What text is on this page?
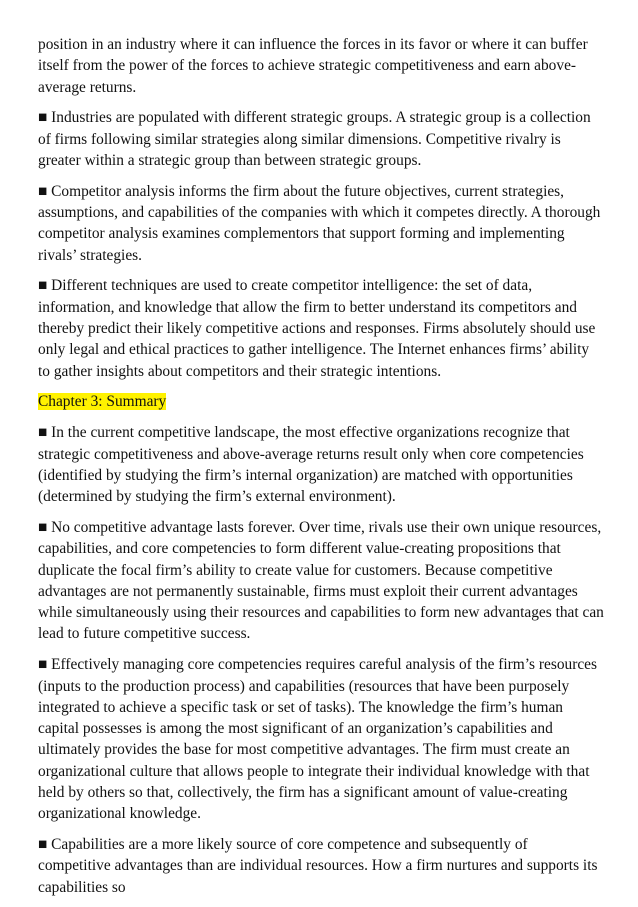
position in an industry where it can influence the forces in its favor or where it can buffer itself from the power of the forces to achieve strategic competitiveness and earn above-average returns.

■ Industries are populated with different strategic groups. A strategic group is a collection of firms following similar strategies along similar dimensions. Competitive rivalry is greater within a strategic group than between strategic groups.

■ Competitor analysis informs the firm about the future objectives, current strategies, assumptions, and capabilities of the companies with which it competes directly. A thorough competitor analysis examines complementors that support forming and implementing rivals’ strategies.

■ Different techniques are used to create competitor intelligence: the set of data, information, and knowledge that allow the firm to better understand its competitors and thereby predict their likely competitive actions and responses. Firms absolutely should use only legal and ethical practices to gather intelligence. The Internet enhances firms’ ability to gather insights about competitors and their strategic intentions.

Chapter 3: Summary

■ In the current competitive landscape, the most effective organizations recognize that strategic competitiveness and above-average returns result only when core competencies (identified by studying the firm’s internal organization) are matched with opportunities (determined by studying the firm’s external environment).

■ No competitive advantage lasts forever. Over time, rivals use their own unique resources, capabilities, and core competencies to form different value-creating propositions that duplicate the focal firm’s ability to create value for customers. Because competitive advantages are not permanently sustainable, firms must exploit their current advantages while simultaneously using their resources and capabilities to form new advantages that can lead to future competitive success.

■ Effectively managing core competencies requires careful analysis of the firm’s resources (inputs to the production process) and capabilities (resources that have been purposely integrated to achieve a specific task or set of tasks). The knowledge the firm’s human capital possesses is among the most significant of an organization’s capabilities and ultimately provides the base for most competitive advantages. The firm must create an organizational culture that allows people to integrate their individual knowledge with that held by others so that, collectively, the firm has a significant amount of value-creating organizational knowledge.

■ Capabilities are a more likely source of core competence and subsequently of competitive advantages than are individual resources. How a firm nurtures and supports its capabilities so
